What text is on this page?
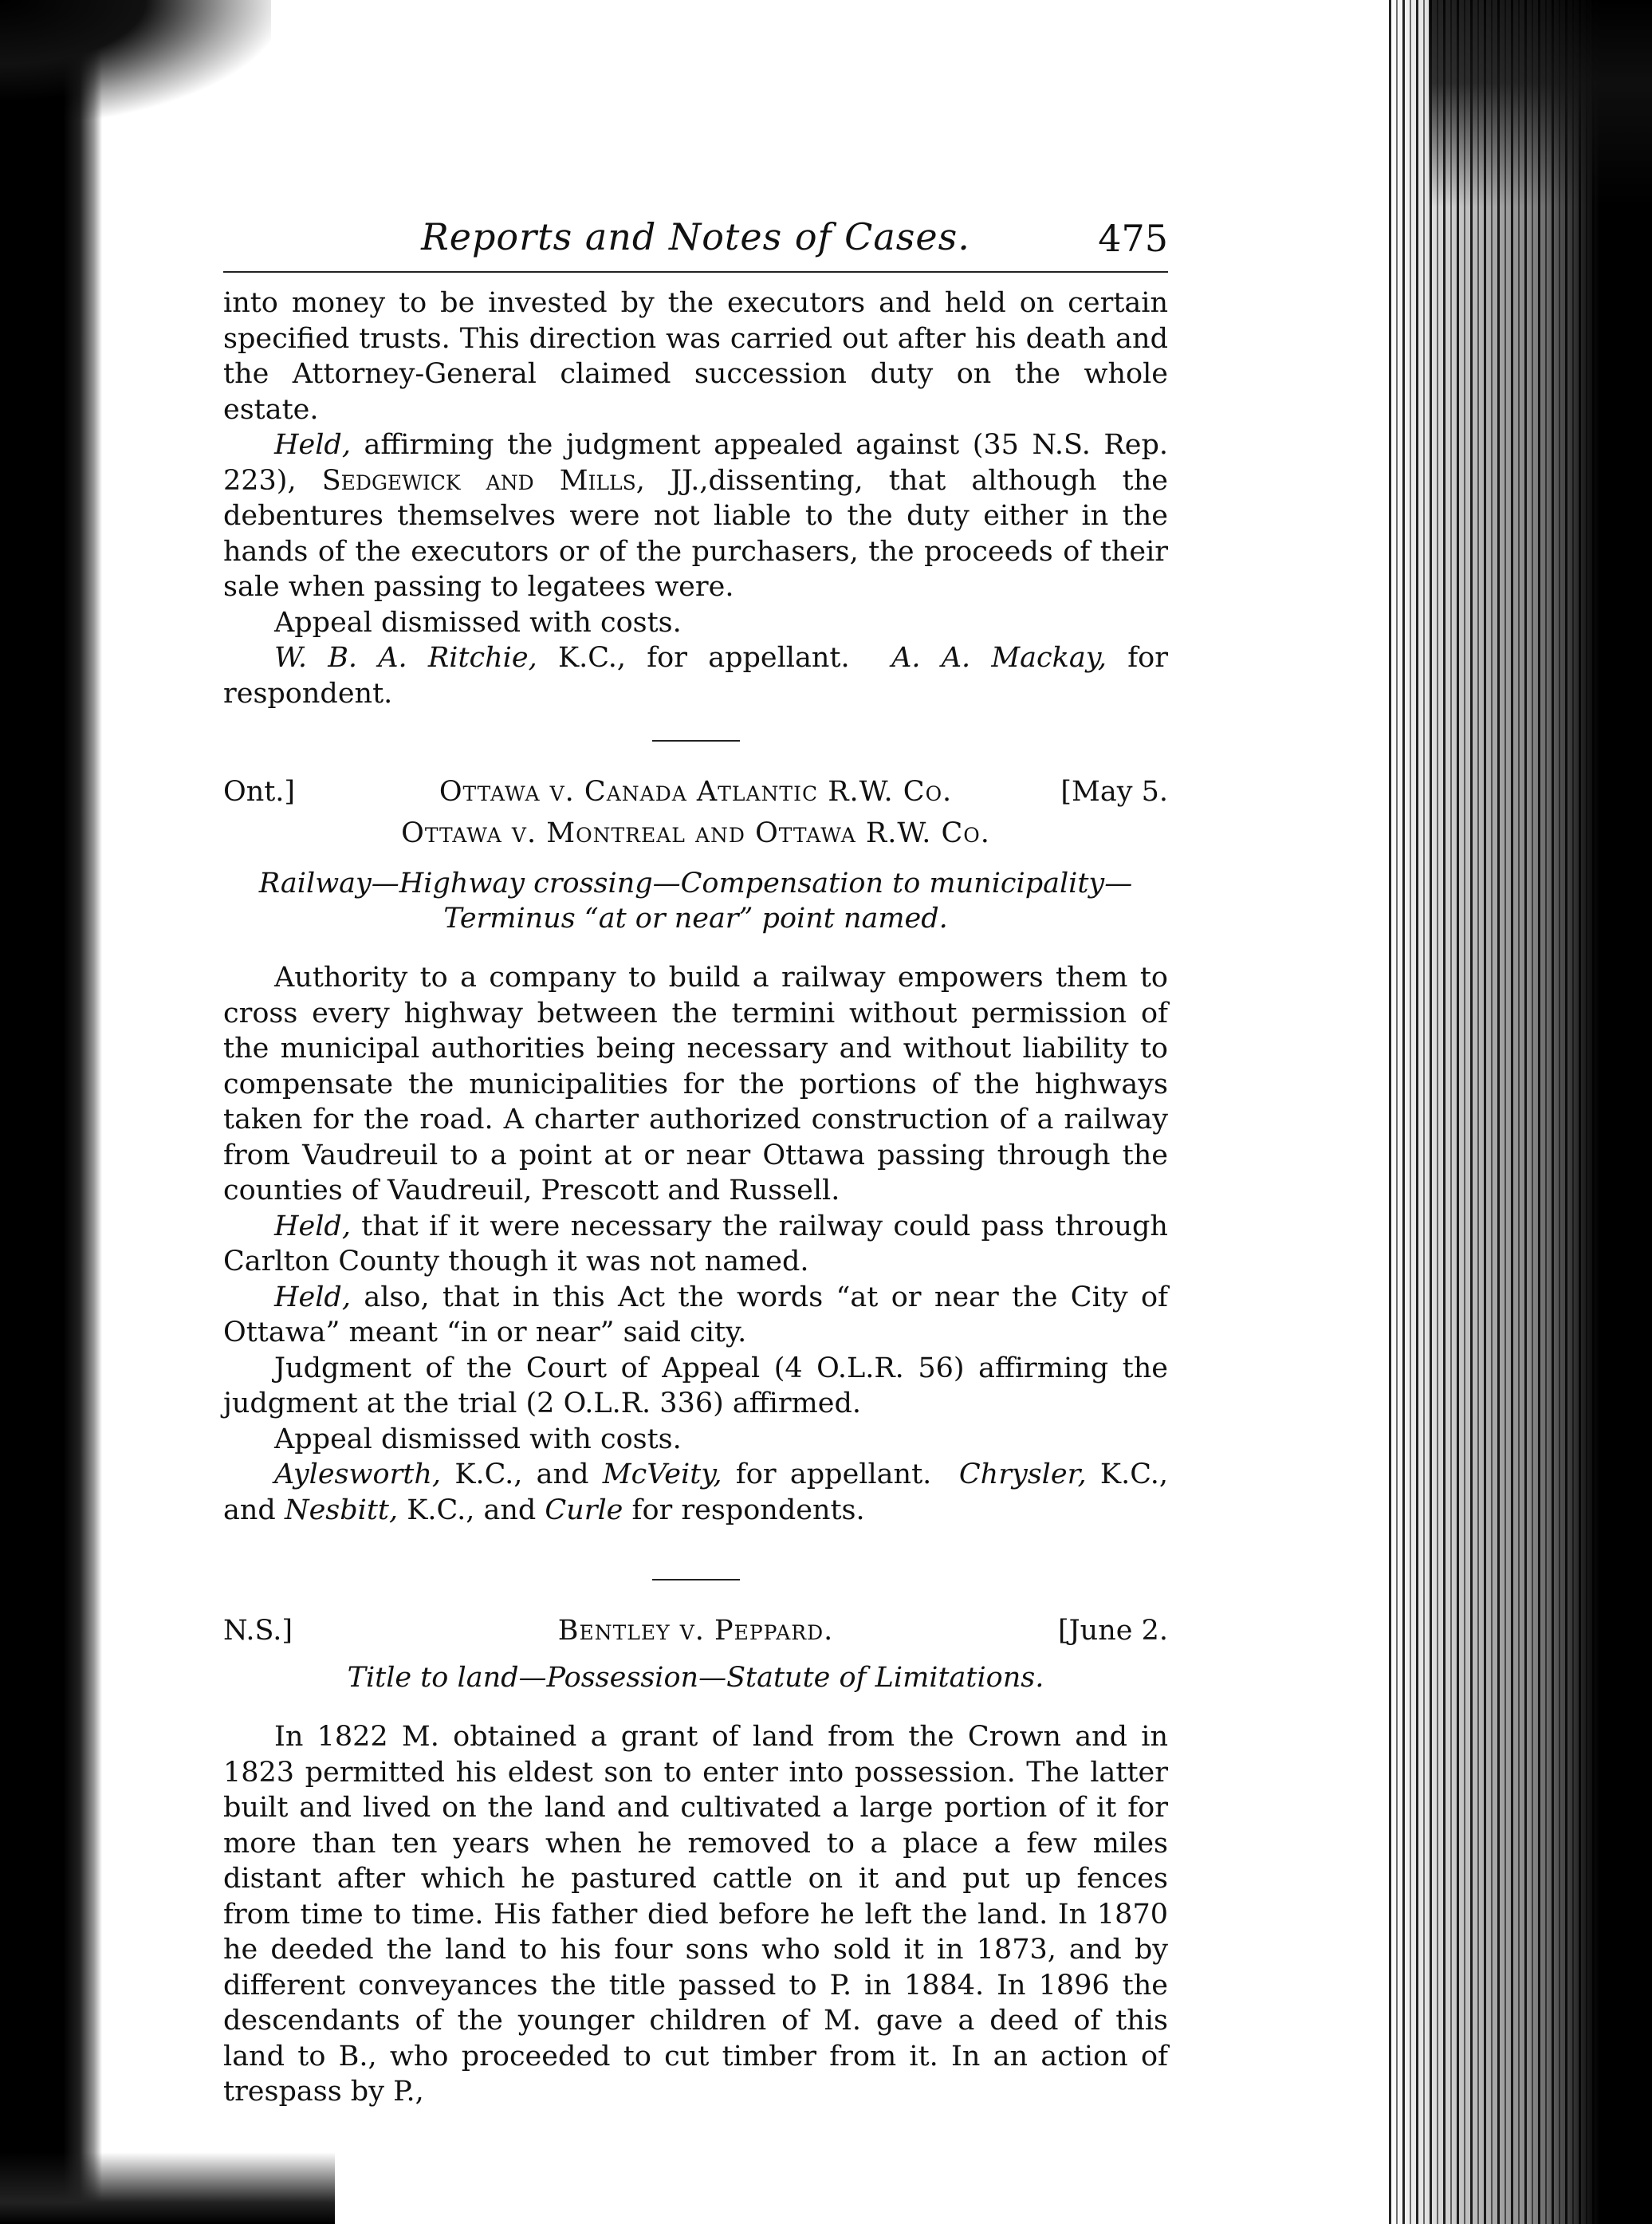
Reports and Notes of Cases.	475

into money to be invested by the executors and held on certain specified trusts. This direction was carried out after his death and the Attorney-General claimed succession duty on the whole estate.

Held, affirming the judgment appealed against (35 N.S. Rep. 223), Sedgewick and Mills, JJ.,dissenting, that although the debentures themselves were not liable to the duty either in the hands of the executors or of the purchasers, the proceeds of their sale when passing to legatees were.

Appeal dismissed with costs.

W. B. A. Ritchie, K.C., for appellant. A. A. Mackay, for respondent.

Ont.]	Ottawa v. Canada Atlantic R.W. Co.	[May 5.
Ottawa v. Montreal and Ottawa R.W. Co.
Railway—Highway crossing—Compensation to municipality— Terminus “at or near” point named.

Authority to a company to build a railway empowers them to cross every highway between the termini without permission of the municipal authorities being necessary and without liability to compensate the municipalities for the portions of the highways taken for the road. A charter authorized construction of a railway from Vaudreuil to a point at or near Ottawa passing through the counties of Vaudreuil, Prescott and Russell.

Held, that if it were necessary the railway could pass through Carlton County though it was not named.

Held, also, that in this Act the words “at or near the City of Ottawa” meant “in or near” said city.

Judgment of the Court of Appeal (4 O.L.R. 56) affirming the judgment at the trial (2 O.L.R. 336) affirmed.

Appeal dismissed with costs.

Aylesworth, K.C., and McVeity, for appellant. Chrysler, K.C., and Nesbitt, K.C., and Curle for respondents.

N.S.]	Bentley v. Peppard.	[June 2.
Title to land—Possession—Statute of Limitations.

In 1822 M. obtained a grant of land from the Crown and in 1823 permitted his eldest son to enter into possession. The latter built and lived on the land and cultivated a large portion of it for more than ten years when he removed to a place a few miles distant after which he pastured cattle on it and put up fences from time to time. His father died before he left the land. In 1870 he deeded the land to his four sons who sold it in 1873, and by different conveyances the title passed to P. in 1884. In 1896 the descendants of the younger children of M. gave a deed of this land to B., who proceeded to cut timber from it. In an action of trespass by P.,
